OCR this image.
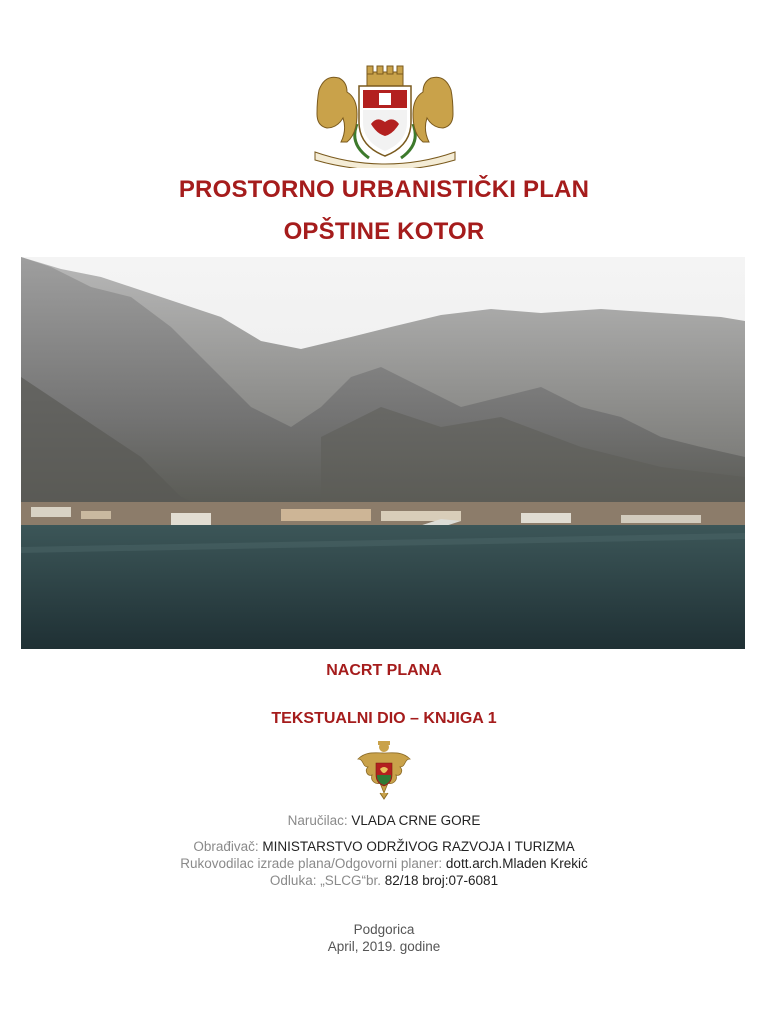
PROSTORNO URBANISTIČKI PLAN
OPŠTINE KOTOR
NACRT PLANA
TEKSTUALNI DIO – KNJIGA 1
Naručilac: VLADA CRNE GORE
Obrađivač: MINISTARSTVO ODRŽIVOG RAZVOJA I TURIZMA
Rukovodilac izrade plana/Odgovorni planer: dott.arch.Mladen Krekić
Odluka: „SLCG“br. 82/18 broj:07-6081
Podgorica
April, 2019. godine
